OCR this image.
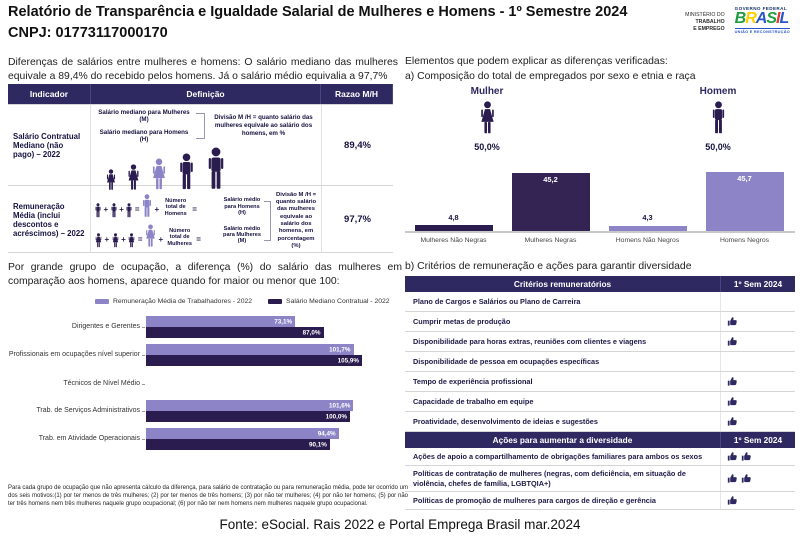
Relatório de Transparência e Igualdade Salarial de Mulheres e Homens - 1º Semestre 2024
CNPJ: 01773117000170
MINISTÉRIO DO
TRABALHO
E EMPREGO
GOVERNO FEDERAL
BRASIL
UNIÃO E RECONSTRUÇÃO
Diferenças de salários entre mulheres e homens: O salário mediano das mulheres equivale a 89,4% do recebido pelos homens. Já o salário médio equivalia a 97,7%
Indicador	Definição	Razao M/H
Salário Contratual Mediano (não pago) – 2022
Salário mediano para Mulheres (M)
Salário mediano para Homens (H)
Divisão M /H = quanto salário das mulheres equivale ao salário dos homens, em %
89,4%
Remuneração Média (inclui descontos e acréscimos) – 2022
+ + = +
Número total de Homens =
+ + = +
Número total de Mulheres =
Salário médio para Homens (H)
Salário médio para Mulheres (M)
Divisão M /H = quanto salário das mulheres equivale ao salário dos homens, em porcentagem (%)
97,7%
Por grande grupo de ocupação, a diferença (%) do salário das mulheres em comparação aos homens, aparece quando for maior ou menor que 100:
Remuneração Média de Trabalhadores - 2022	Salário Mediano Contratual - 2022
Dirigentes e Gerentes
73,1%
87,0%
Profissionais em ocupações nível superior
101,7%
105,9%
Técnicos de Nível Médio
Trab. de Serviços Administrativos
101,6%
100,0%
Trab. em Atividade Operacionais
94,4%
90,1%
Para cada grupo de ocupação que não apresenta cálculo da diferença, para salário de contratação ou para remuneração média, pode ter ocorrido um dos seis motivos:(1) por ter menos de três mulheres; (2) por ter menos de três homens; (3) por não ter mulheres; (4) por não ter homens; (5) por não ter três homens nem três mulheres naquele grupo ocupacional; (6) por não ter nem homens nem mulheres naquele grupo ocupacional.
Elementos que podem explicar as diferenças verificadas:
a) Composição do total de empregados por sexo e etnia e raça
Mulher
50,0%
Homem
50,0%
4,8
Mulheres Não Negras
45,2
Mulheres Negras
4,3
Homens Não Negros
45,7
Homens Negros
b) Critérios de remuneração e ações para garantir diversidade
Critérios remuneratórios	1º Sem 2024
Plano de Cargos e Salários ou Plano de Carreira
Cumprir metas de produção
Disponibilidade para horas extras, reuniões com clientes e viagens
Disponibilidade de pessoa em ocupações específicas
Tempo de experiência profissional
Capacidade de trabalho em equipe
Proatividade, desenvolvimento de ideias e sugestões
Ações para aumentar a diversidade	1º Sem 2024
Ações de apoio a compartilhamento de obrigações familiares para ambos os sexos
Políticas de contratação de mulheres (negras, com deficiência, em situação de violência, chefes de família, LGBTQIA+)
Políticas de promoção de mulheres para cargos de direção e gerência
Fonte: eSocial. Rais 2022 e Portal Emprega Brasil mar.2024
